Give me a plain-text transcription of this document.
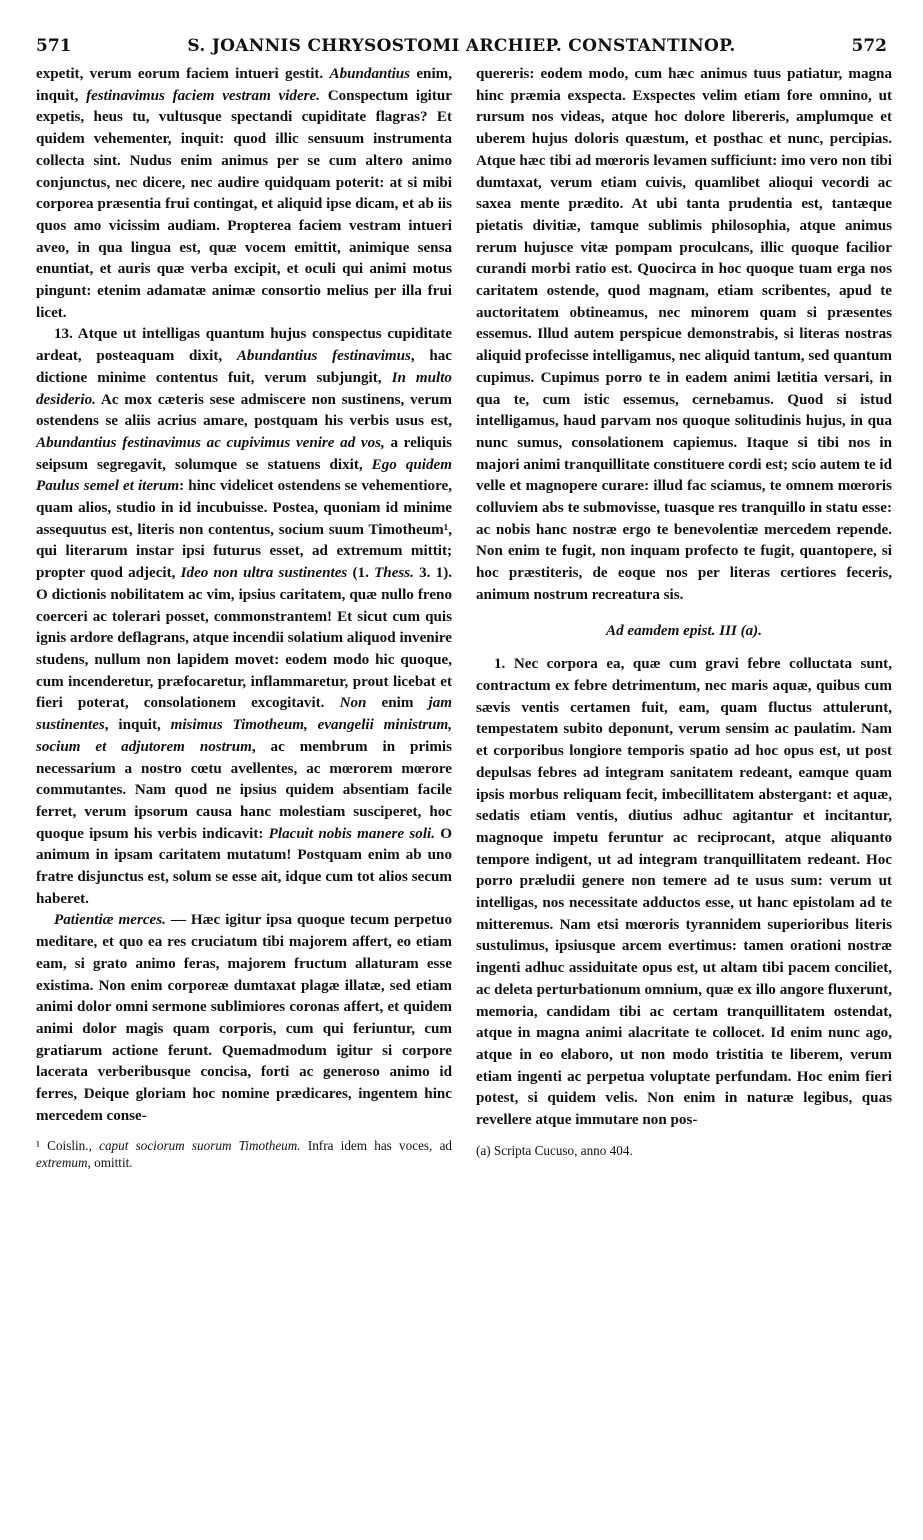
571	S. JOANNIS CHRYSOSTOMI ARCHIEP. CONSTANTINOP.	572

expetit, verum eorum faciem intueri gestit. Abundantius enim, inquit, festinavimus faciem vestram videre. Conspectum igitur expetis, heus tu, vultusque spectandi cupiditate flagras? Et quidem vehementer, inquit: quod illic sensuum instrumenta collecta sint. Nudus enim animus per se cum altero animo conjunctus, nec dicere, nec audire quidquam poterit: at si mibi corporea præsentia frui contingat, et aliquid ipse dicam, et ab iis quos amo vicissim audiam. Propterea faciem vestram intueri aveo, in qua lingua est, quæ vocem emittit, animique sensa enuntiat, et auris quæ verba excipit, et oculi qui animi motus pingunt: etenim adamatæ animæ consortio melius per illa frui licet.

13. Atque ut intelligas quantum hujus conspectus cupiditate ardeat, posteaquam dixit, Abundantius festinavimus, hac dictione minime contentus fuit, verum subjungit, In multo desiderio. Ac mox cæteris sese admiscere non sustinens, verum ostendens se aliis acrius amare, postquam his verbis usus est, Abundantius festinavimus ac cupivimus venire ad vos, a reliquis seipsum segregavit, solumque se statuens dixit, Ego quidem Paulus semel et iterum: hinc videlicet ostendens se vehementiore, quam alios, studio in id incubuisse. Postea, quoniam id minime assequutus est, literis non contentus, socium suum Timotheum¹, qui literarum instar ipsi futurus esset, ad extremum mittit; propter quod adjecit, Ideo non ultra sustinentes (1. Thess. 3. 1). O dictionis nobilitatem ac vim, ipsius caritatem, quæ nullo freno coerceri ac tolerari posset, commonstrantem! Et sicut cum quis ignis ardore deflagrans, atque incendii solatium aliquod invenire studens, nullum non lapidem movet: eodem modo hic quoque, cum incenderetur, præfocaretur, inflammaretur, prout licebat et fieri poterat, consolationem excogitavit. Non enim jam sustinentes, inquit, misimus Timotheum, evangelii ministrum, socium et adjutorem nostrum, ac membrum in primis necessarium a nostro cœtu avellentes, ac mœrorem mœrore commutantes. Nam quod ne ipsius quidem absentiam facile ferret, verum ipsorum causa hanc molestiam susciperet, hoc quoque ipsum his verbis indicavit: Placuit nobis manere soli. O animum in ipsam caritatem mutatum! Postquam enim ab uno fratre disjunctus est, solum se esse ait, idque cum tot alios secum haberet.

Patientiæ merces. — Hæc igitur ipsa quoque tecum perpetuo meditare, et quo ea res cruciatum tibi majorem affert, eo etiam eam, si grato animo feras, majorem fructum allaturam esse existima. Non enim corporeæ dumtaxat plagæ illatæ, sed etiam animi dolor omni sermone sublimiores coronas affert, et quidem animi dolor magis quam corporis, cum qui feriuntur, cum gratiarum actione ferunt. Quemadmodum igitur si corpore lacerata verberibusque concisa, forti ac generoso animo id ferres, Deique gloriam hoc nomine prædicares, ingentem hinc mercedem conse-

¹ Coislin., caput sociorum suorum Timotheum. Infra idem has voces, ad extremum, omittit.

quereris: eodem modo, cum hæc animus tuus patiatur, magna hinc præmia exspecta. Exspectes velim etiam fore omnino, ut rursum nos videas, atque hoc dolore libereris, amplumque et uberem hujus doloris quæstum, et posthac et nunc, percipias. Atque hæc tibi ad mœroris levamen sufficiunt: imo vero non tibi dumtaxat, verum etiam cuivis, quamlibet alioqui vecordi ac saxea mente prædito. At ubi tanta prudentia est, tantæque pietatis divitiæ, tamque sublimis philosophia, atque animus rerum hujusce vitæ pompam proculcans, illic quoque facilior curandi morbi ratio est. Quocirca in hoc quoque tuam erga nos caritatem ostende, quod magnam, etiam scribentes, apud te auctoritatem obtineamus, nec minorem quam si præsentes essemus. Illud autem perspicue demonstrabis, si literas nostras aliquid profecisse intelligamus, nec aliquid tantum, sed quantum cupimus. Cupimus porro te in eadem animi lætitia versari, in qua te, cum istic essemus, cernebamus. Quod si istud intelligamus, haud parvam nos quoque solitudinis hujus, in qua nunc sumus, consolationem capiemus. Itaque si tibi nos in majori animi tranquillitate constituere cordi est; scio autem te id velle et magnopere curare: illud fac sciamus, te omnem mœroris colluviem abs te submovisse, tuasque res tranquillo in statu esse: ac nobis hanc nostræ ergo te benevolentiæ mercedem repende. Non enim te fugit, non inquam profecto te fugit, quantopere, si hoc præstiteris, de eoque nos per literas certiores feceris, animum nostrum recreatura sis.

Ad eamdem epist. III (a).

1. Nec corpora ea, quæ cum gravi febre colluctata sunt, contractum ex febre detrimentum, nec maris aquæ, quibus cum sævis ventis certamen fuit, eam, quam fluctus attulerunt, tempestatem subito deponunt, verum sensim ac paulatim. Nam et corporibus longiore temporis spatio ad hoc opus est, ut post depulsas febres ad integram sanitatem redeant, eamque quam ipsis morbus reliquam fecit, imbecillitatem abstergant: et aquæ, sedatis etiam ventis, diutius adhuc agitantur et incitantur, magnoque impetu feruntur ac reciprocant, atque aliquanto tempore indigent, ut ad integram tranquillitatem redeant. Hoc porro præludii genere non temere ad te usus sum: verum ut intelligas, nos necessitate adductos esse, ut hanc epistolam ad te mitteremus. Nam etsi mœroris tyrannidem superioribus literis sustulimus, ipsiusque arcem evertimus: tamen orationi nostræ ingenti adhuc assiduitate opus est, ut altam tibi pacem conciliet, ac deleta perturbationum omnium, quæ ex illo angore fluxerunt, memoria, candidam tibi ac certam tranquillitatem ostendat, atque in magna animi alacritate te collocet. Id enim nunc ago, atque in eo elaboro, ut non modo tristitia te liberem, verum etiam ingenti ac perpetua voluptate perfundam. Hoc enim fieri potest, si quidem velis. Non enim in naturæ legibus, quas revellere atque immutare non pos-

(a) Scripta Cucuso, anno 404.
